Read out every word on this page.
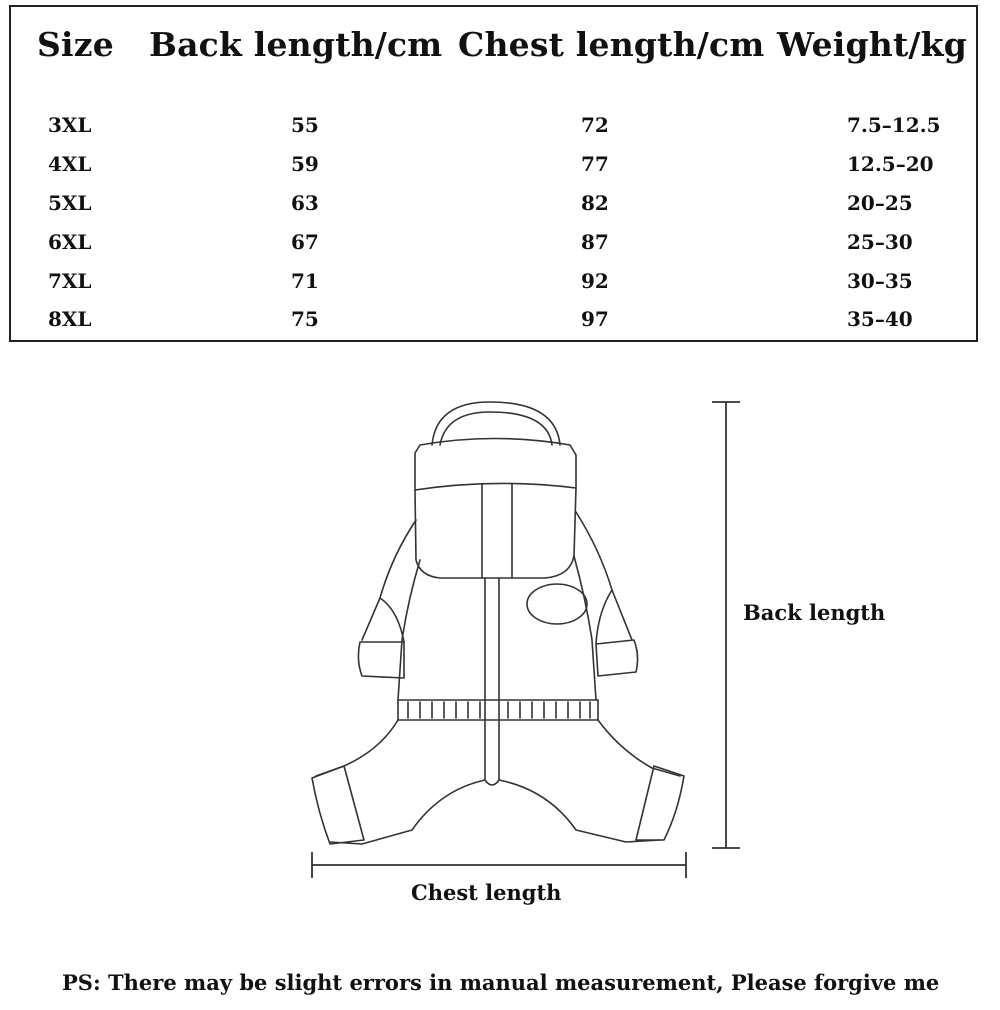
Size Back length/cm Chest length/cm Weight/kg
3XL	55	72	7.5–12.5
4XL	59	77	12.5–20
5XL	63	82	20–25
6XL	67	87	25–30
7XL	71	92	30–35
8XL	75	97	35–40
Back length
Chest length
PS: There may be slight errors in manual measurement, Please forgive me
